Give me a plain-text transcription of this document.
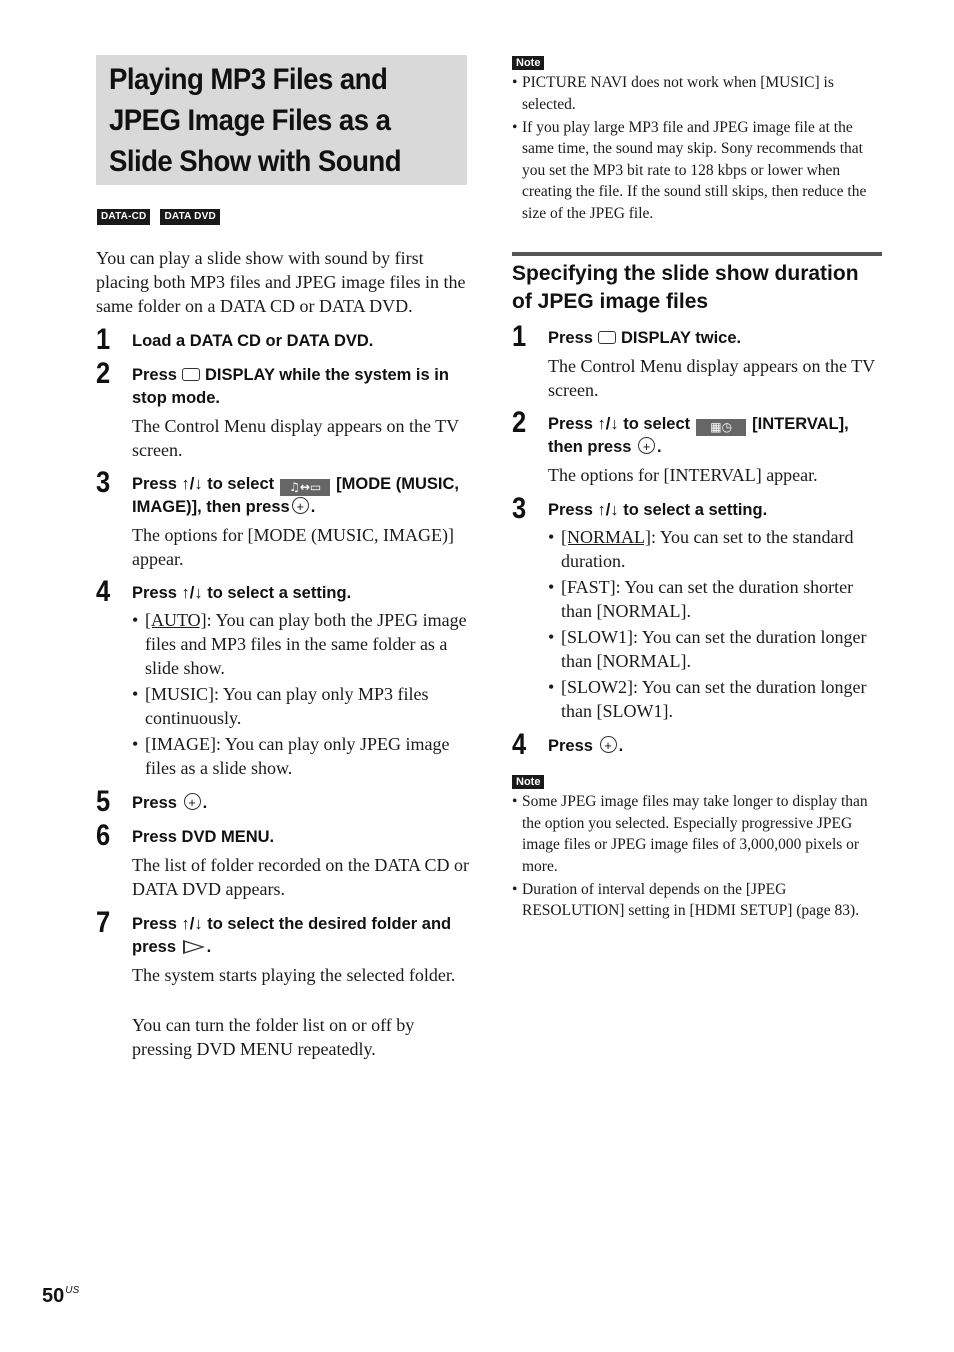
Playing MP3 Files and
JPEG Image Files as a
Slide Show with Sound
DATA-CD DATA DVD

You can play a slide show with sound by first placing both MP3 files and JPEG image files in the same folder on a DATA CD or DATA DVD.

1 Load a DATA CD or DATA DVD.

2 Press DISPLAY while the system is in stop mode.

The Control Menu display appears on the TV screen.

3 Press ↑/↓ to select ♫↔▭ [MODE (MUSIC, IMAGE)], then press + .

The options for [MODE (MUSIC, IMAGE)] appear.

4 Press ↑/↓ to select a setting.

• [AUTO]: You can play both the JPEG image files and MP3 files in the same folder as a slide show.
• [MUSIC]: You can play only MP3 files continuously.
• [IMAGE]: You can play only JPEG image files as a slide show.
5 Press + .

6 Press DVD MENU.

The list of folder recorded on the DATA CD or DATA DVD appears.

7 Press ↑/↓ to select the desired folder and press .

The system starts playing the selected folder.

You can turn the folder list on or off by pressing DVD MENU repeatedly.

Note
• PICTURE NAVI does not work when [MUSIC] is selected.
• If you play large MP3 file and JPEG image file at the same time, the sound may skip. Sony recommends that you set the MP3 bit rate to 128 kbps or lower when creating the file. If the sound still skips, then reduce the size of the JPEG file.
Specifying the slide show duration of JPEG image files
1 Press DISPLAY twice.

The Control Menu display appears on the TV screen.

2 Press ↑/↓ to select ▦◷ [INTERVAL], then press + .

The options for [INTERVAL] appear.

3 Press ↑/↓ to select a setting.

• [NORMAL]: You can set to the standard duration.
• [FAST]: You can set the duration shorter than [NORMAL].
• [SLOW1]: You can set the duration longer than [NORMAL].
• [SLOW2]: You can set the duration longer than [SLOW1].
4 Press + .

Note
• Some JPEG image files may take longer to display than the option you selected. Especially progressive JPEG image files or JPEG image files of 3,000,000 pixels or more.
• Duration of interval depends on the [JPEG RESOLUTION] setting in [HDMI SETUP] (page 83).
$50^{US}$
